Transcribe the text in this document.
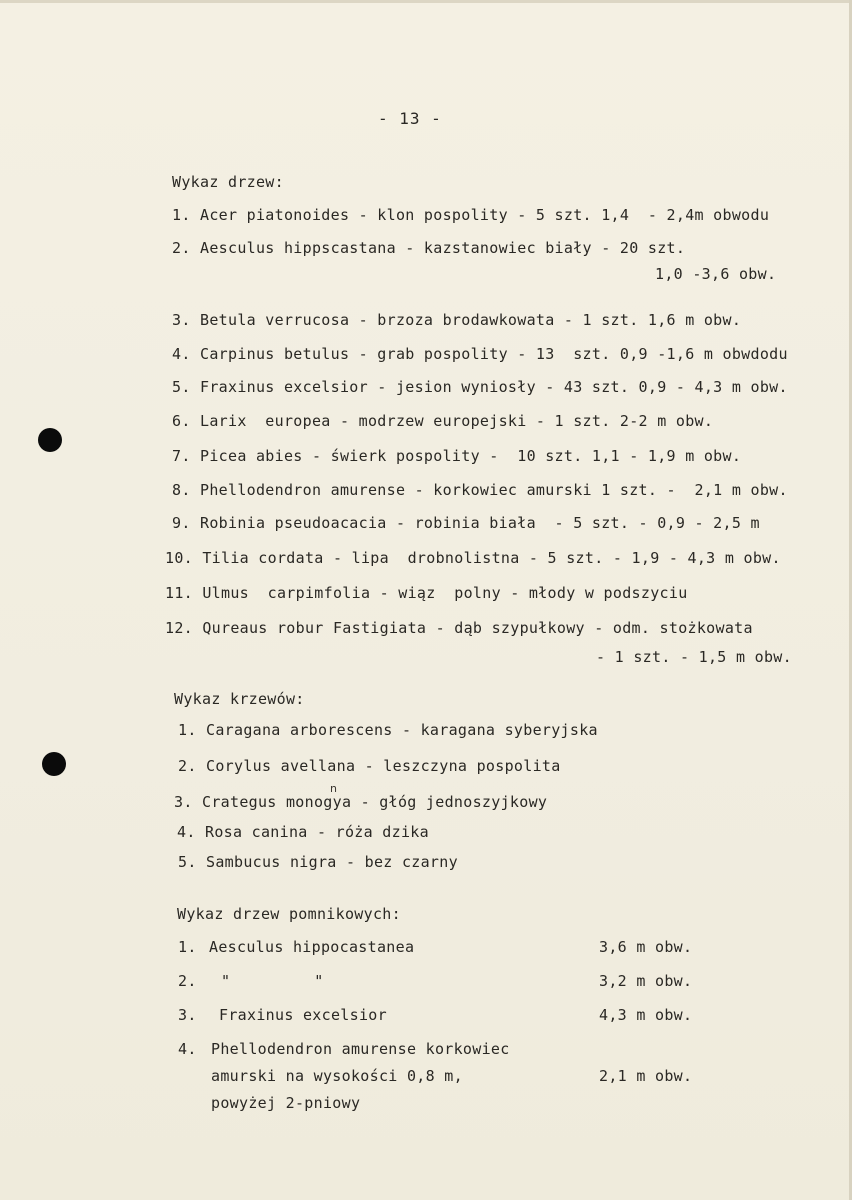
- 13 -
Wykaz drzew:
1. Acer piatonoides - klon pospolity - 5 szt. 1,4  - 2,4m obwodu
2. Aesculus hippscastana - kazstanowiec biały - 20 szt.
1,0 -3,6 obw.
3. Betula verrucosa - brzoza brodawkowata - 1 szt. 1,6 m obw.
4. Carpinus betulus - grab pospolity - 13  szt. 0,9 -1,6 m obwdodu
5. Fraxinus excelsior - jesion wyniosły - 43 szt. 0,9 - 4,3 m obw.
6. Larix  europea - modrzew europejski - 1 szt. 2-2 m obw.
7. Picea abies - świerk pospolity -  10 szt. 1,1 - 1,9 m obw.
8. Phellodendron amurense - korkowiec amurski 1 szt. -  2,1 m obw.
9. Robinia pseudoacacia - robinia biała  - 5 szt. - 0,9 - 2,5 m
10. Tilia cordata - lipa  drobnolistna - 5 szt. - 1,9 - 4,3 m obw.
11. Ulmus  carpimfolia - wiąz  polny - młody w podszyciu
12. Qureaus robur Fastigiata - dąb szypułkowy - odm. stożkowata
- 1 szt. - 1,5 m obw.
Wykaz krzewów:
1. Caragana arborescens - karagana syberyjska
2. Corylus avellana - leszczyna pospolita
n
3. Crategus monogya - głóg jednoszyjkowy
4. Rosa canina - róża dzika
5. Sambucus nigra - bez czarny
Wykaz drzew pomnikowych:
1. Aesculus hippocastanea	3,6 m obw.
2. "         "	3,2 m obw.
3. Fraxinus excelsior	4,3 m obw.
4. Phellodendron amurense korkowiec
amurski na wysokości 0,8 m,	2,1 m obw.
powyżej 2-pniowy
